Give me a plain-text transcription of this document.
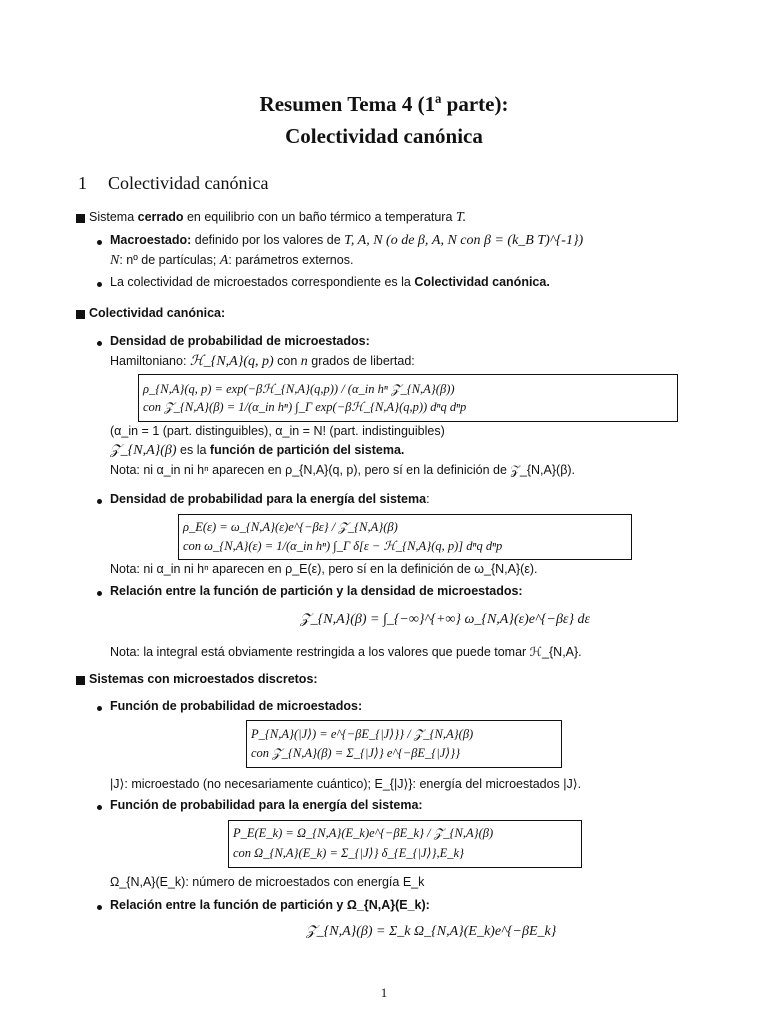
Resumen Tema 4 (1ª parte):
Colectividad canónica
1 Colectividad canónica
Sistema cerrado en equilibrio con un baño térmico a temperatura T.
Macroestado: definido por los valores de T, A, N (o de β, A, N con β = (k_B T)^{-1})
N: nº de partículas; A: parámetros externos.
La colectividad de microestados correspondiente es la Colectividad canónica.
Colectividad canónica:
Densidad de probabilidad de microestados:
Hamiltoniano: ℋ_{N,A}(q, p) con n grados de libertad:
ρ_{N,A}(q, p) = exp(−βℋ_{N,A}(q,p)) / (α_in hⁿ 𝒵_{N,A}(β))
con 𝒵_{N,A}(β) = 1/(α_in hⁿ) ∫_Γ exp(−βℋ_{N,A}(q,p)) dⁿq dⁿp
(α_in = 1 (part. distinguibles), α_in = N! (part. indistinguibles)
𝒵_{N,A}(β) es la función de partición del sistema.
Nota: ni α_in ni hⁿ aparecen en ρ_{N,A}(q, p), pero sí en la definición de 𝒵_{N,A}(β).
Densidad de probabilidad para la energía del sistema:
ρ_E(ε) = ω_{N,A}(ε)e^{−βε} / 𝒵_{N,A}(β)
con ω_{N,A}(ε) = 1/(α_in hⁿ) ∫_Γ δ[ε − ℋ_{N,A}(q, p)] dⁿq dⁿp
Nota: ni α_in ni hⁿ aparecen en ρ_E(ε), pero sí en la definición de ω_{N,A}(ε).
Relación entre la función de partición y la densidad de microestados:
𝒵_{N,A}(β) = ∫_{−∞}^{+∞} ω_{N,A}(ε)e^{−βε} dε
Nota: la integral está obviamente restringida a los valores que puede tomar ℋ_{N,A}.
Sistemas con microestados discretos:
Función de probabilidad de microestados:
P_{N,A}(|J⟩) = e^{−βE_{|J⟩}} / 𝒵_{N,A}(β)
con 𝒵_{N,A}(β) = Σ_{|J⟩} e^{−βE_{|J⟩}}
|J⟩: microestado (no necesariamente cuántico); E_{|J⟩}: energía del microestados |J⟩.
Función de probabilidad para la energía del sistema:
P_E(E_k) = Ω_{N,A}(E_k)e^{−βE_k} / 𝒵_{N,A}(β)
con Ω_{N,A}(E_k) = Σ_{|J⟩} δ_{E_{|J⟩},E_k}
Ω_{N,A}(E_k): número de microestados con energía E_k
Relación entre la función de partición y Ω_{N,A}(E_k):
𝒵_{N,A}(β) = Σ_k Ω_{N,A}(E_k)e^{−βE_k}
1
